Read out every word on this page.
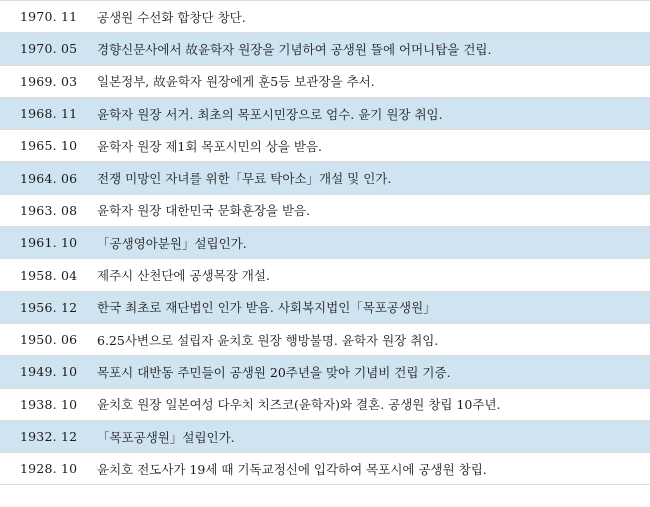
1970. 11	공생원 수선화 합창단 창단.
1970. 05	경향신문사에서 故윤학자 원장을 기념하여 공생원 뜰에 어머니탑을 건립.
1969. 03	일본정부, 故윤학자 원장에게 훈5등 보관장을 추서.
1968. 11	윤학자 원장 서거. 최초의 목포시민장으로 엄수. 윤기 원장 취임.
1965. 10	윤학자 원장 제1회 목포시민의 상을 받음.
1964. 06	전쟁 미망인 자녀를 위한「무료 탁아소」개설 및 인가.
1963. 08	윤학자 원장 대한민국 문화훈장을 받음.
1961. 10	「공생영아분원」설립인가.
1958. 04	제주시 산천단에 공생목장 개설.
1956. 12	한국 최초로 재단법인 인가 받음. 사회복지법인「목포공생원」
1950. 06	6.25사변으로 설립자 윤치호 원장 행방불명. 윤학자 원장 취임.
1949. 10	목포시 대반동 주민들이 공생원 20주년을 맞아 기념비 건립 기증.
1938. 10	윤치호 원장 일본여성 다우치 치즈코(윤학자)와 결혼. 공생원 창립 10주년.
1932. 12	「목포공생원」설립인가.
1928. 10	윤치호 전도사가 19세 때 기독교정신에 입각하여 목포시에 공생원 창립.
